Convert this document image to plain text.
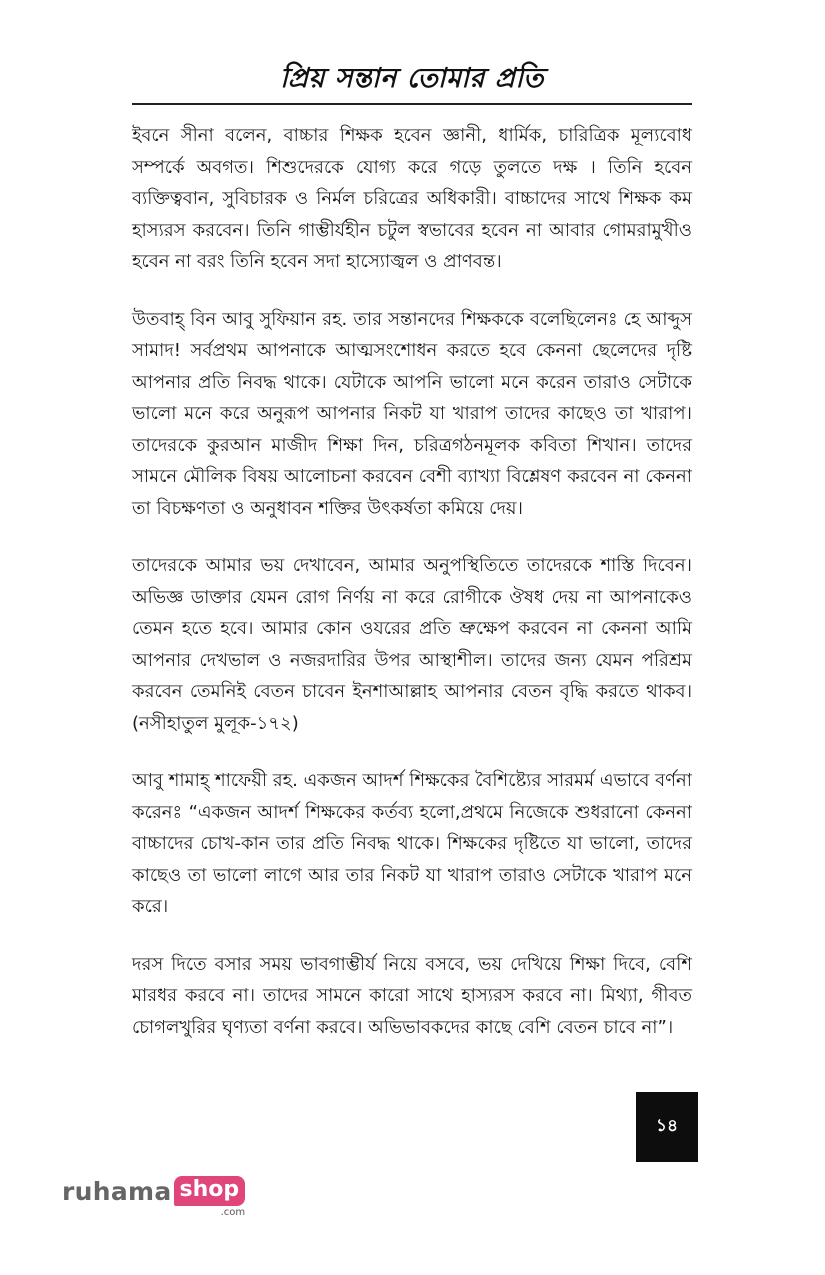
প্রিয় সন্তান তোমার প্রতি

ইবনে সীনা বলেন, বাচ্চার শিক্ষক হবেন জ্ঞানী, ধার্মিক, চারিত্রিক মূল্যবোধ সম্পর্কে অবগত। শিশুদেরকে যোগ্য করে গড়ে তুলতে দক্ষ । তিনি হবেন ব্যক্তিত্ববান, সুবিচারক ও নির্মল চরিত্রের অধিকারী। বাচ্চাদের সাথে শিক্ষক কম হাস্যরস করবেন। তিনি গাম্ভীর্যহীন চটুল স্বভাবের হবেন না আবার গোমরামুখীও হবেন না বরং তিনি হবেন সদা হাস্যোজ্বল ও প্রাণবন্ত।

উতবাহ্ বিন আবু সুফিয়ান রহ. তার সন্তানদের শিক্ষককে বলেছিলেনঃ হে আব্দুস সামাদ! সর্বপ্রথম আপনাকে আত্মসংশোধন করতে হবে কেননা ছেলেদের দৃষ্টি আপনার প্রতি নিবদ্ধ থাকে। যেটাকে আপনি ভালো মনে করেন তারাও সেটাকে ভালো মনে করে অনুরূপ আপনার নিকট যা খারাপ তাদের কাছেও তা খারাপ। তাদেরকে কুরআন মাজীদ শিক্ষা দিন, চরিত্রগঠনমূলক কবিতা শিখান। তাদের সামনে মৌলিক বিষয় আলোচনা করবেন বেশী ব্যাখ্যা বিশ্লেষণ করবেন না কেননা তা বিচক্ষণতা ও অনুধাবন শক্তির উৎকর্ষতা কমিয়ে দেয়।

তাদেরকে আমার ভয় দেখাবেন, আমার অনুপস্থিতিতে তাদেরকে শাস্তি দিবেন। অভিজ্ঞ ডাক্তার যেমন রোগ নির্ণয় না করে রোগীকে ঔষধ দেয় না আপনাকেও তেমন হতে হবে। আমার কোন ওযরের প্রতি ভ্রুক্ষেপ করবেন না কেননা আমি আপনার দেখভাল ও নজরদারির উপর আস্থাশীল। তাদের জন্য যেমন পরিশ্রম করবেন তেমনিই বেতন চাবেন ইনশাআল্লাহ আপনার বেতন বৃদ্ধি করতে থাকব। (নসীহাতুল মুলূক-১৭২)

আবু শামাহ্ শাফেয়ী রহ. একজন আদর্শ শিক্ষকের বৈশিষ্ট্যের সারমর্ম এভাবে বর্ণনা করেনঃ “একজন আদর্শ শিক্ষকের কর্তব্য হলো,প্রথমে নিজেকে শুধরানো কেননা বাচ্চাদের চোখ-কান তার প্রতি নিবদ্ধ থাকে। শিক্ষকের দৃষ্টিতে যা ভালো, তাদের কাছেও তা ভালো লাগে আর তার নিকট যা খারাপ তারাও সেটাকে খারাপ মনে করে।

দরস দিতে বসার সময় ভাবগাম্ভীর্য নিয়ে বসবে, ভয় দেখিয়ে শিক্ষা দিবে, বেশি মারধর করবে না। তাদের সামনে কারো সাথে হাস্যরস করবে না। মিথ্যা, গীবত চোগলখুরির ঘৃণ্যতা বর্ণনা করবে। অভিভাবকদের কাছে বেশি বেতন চাবে না”।

১৪
ruhama shop
.com
